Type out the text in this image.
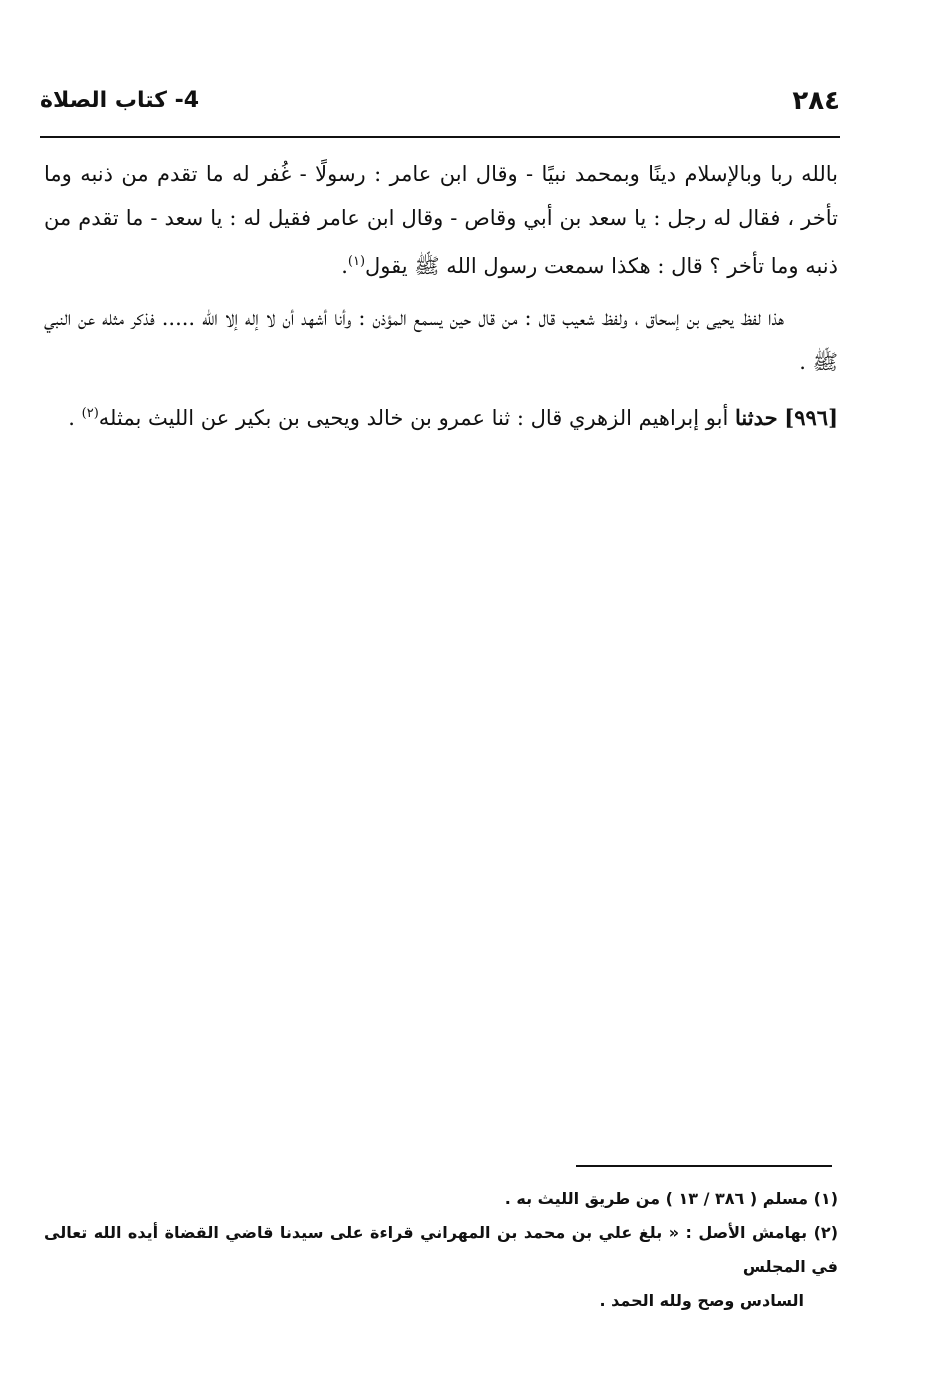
٢٨٤
4- كتاب الصلاة

بالله ربا وبالإسلام دينًا وبمحمد نبيًا - وقال ابن عامر : رسولًا - غُفر له ما تقدم من ذنبه وما تأخر ، فقال له رجل : يا سعد بن أبي وقاص - وقال ابن عامر فقيل له : يا سعد - ما تقدم من ذنبه وما تأخر ؟ قال : هكذا سمعت رسول الله ﷺ يقول$^{(١)}$.

هذا لفظ يحيى بن إسحاق ، ولفظ شعيب قال : من قال حين يسمع المؤذن : وأنا أشهد أن لا إله إلا الله ..... فذكر مثله عن النبي ﷺ .

[٩٩٦] حدثنا أبو إبراهيم الزهري قال : ثنا عمرو بن خالد ويحيى بن بكير عن الليث بمثله$^{(٢)}$ .

(١) مسلم ( ٣٨٦ / ١٣ ) من طريق الليث به .

(٢) بهامش الأصل : « بلغ علي بن محمد بن المهراني قراءة على سيدنا قاضي القضاة أيده الله تعالى في المجلس

السادس وصح ولله الحمد .
